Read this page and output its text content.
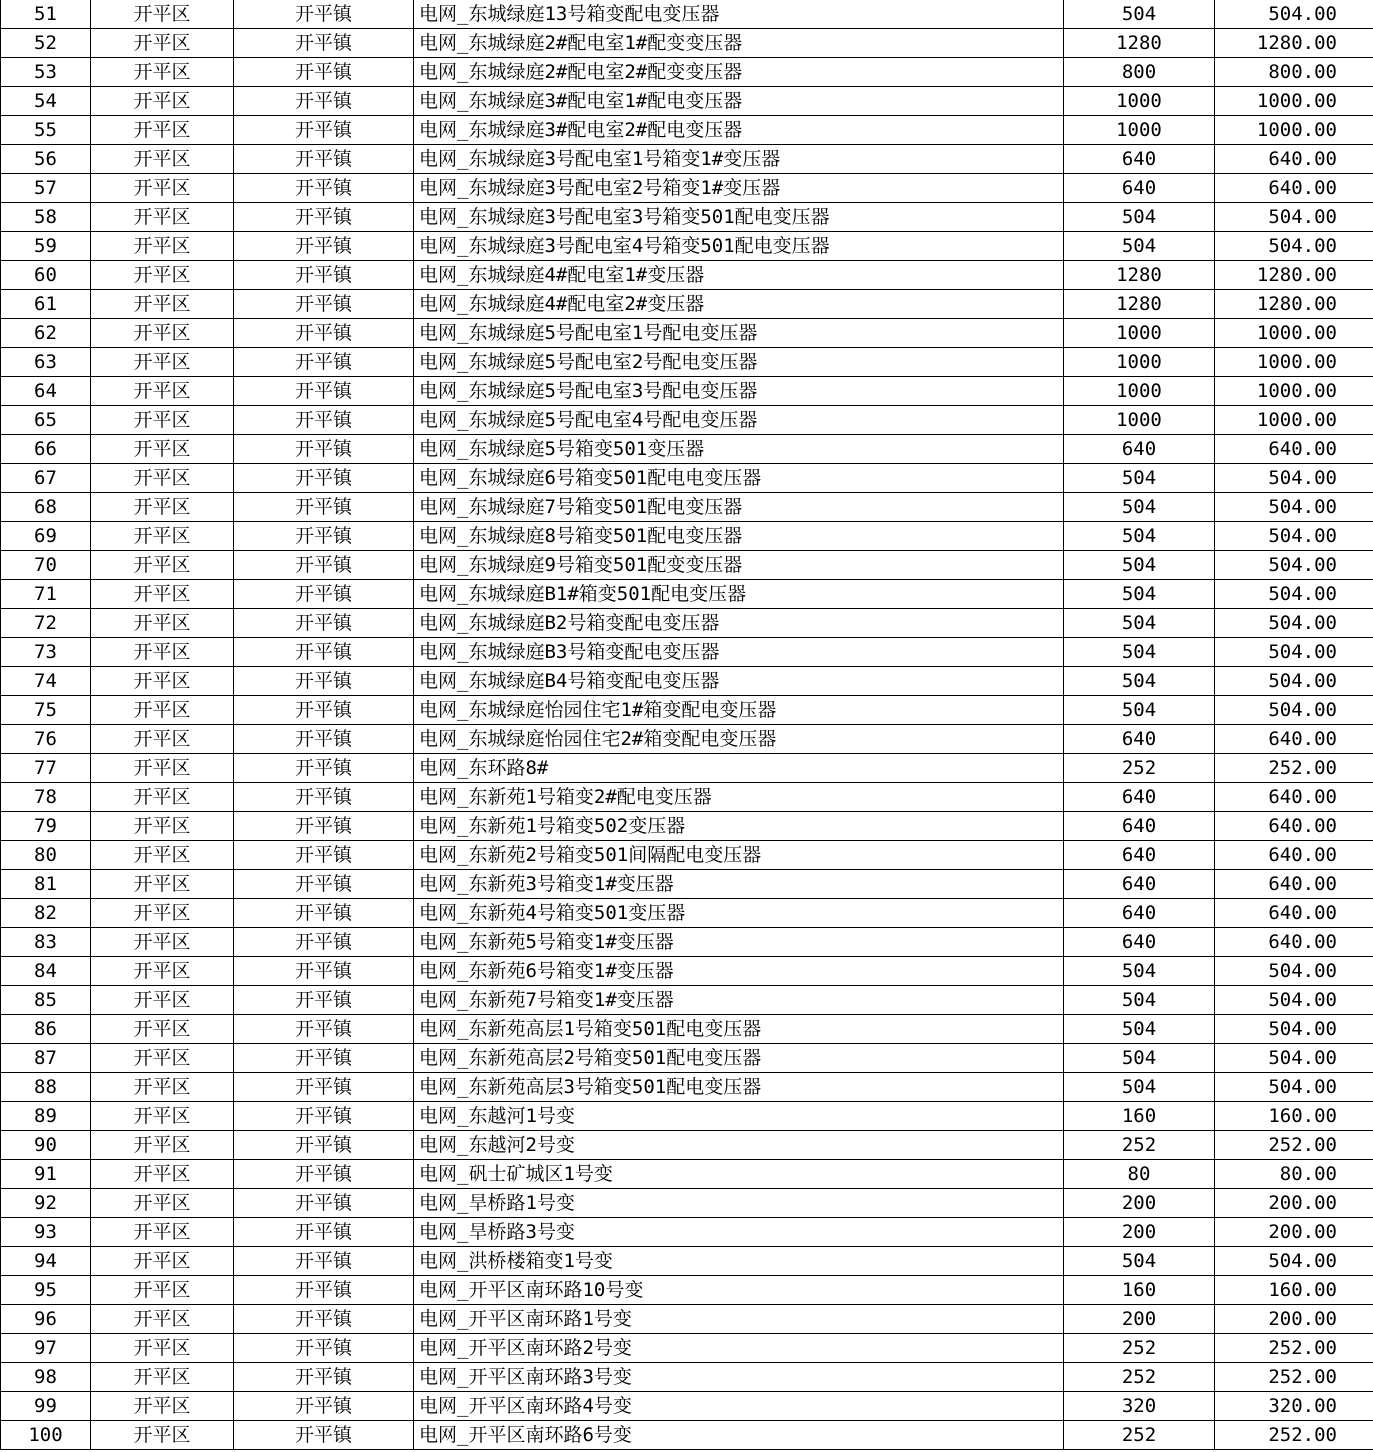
51	开平区	开平镇	电网_东城绿庭13号箱变配电变压器	504	504.00
52	开平区	开平镇	电网_东城绿庭2#配电室1#配变变压器	1280	1280.00
53	开平区	开平镇	电网_东城绿庭2#配电室2#配变变压器	800	800.00
54	开平区	开平镇	电网_东城绿庭3#配电室1#配电变压器	1000	1000.00
55	开平区	开平镇	电网_东城绿庭3#配电室2#配电变压器	1000	1000.00
56	开平区	开平镇	电网_东城绿庭3号配电室1号箱变1#变压器	640	640.00
57	开平区	开平镇	电网_东城绿庭3号配电室2号箱变1#变压器	640	640.00
58	开平区	开平镇	电网_东城绿庭3号配电室3号箱变501配电变压器	504	504.00
59	开平区	开平镇	电网_东城绿庭3号配电室4号箱变501配电变压器	504	504.00
60	开平区	开平镇	电网_东城绿庭4#配电室1#变压器	1280	1280.00
61	开平区	开平镇	电网_东城绿庭4#配电室2#变压器	1280	1280.00
62	开平区	开平镇	电网_东城绿庭5号配电室1号配电变压器	1000	1000.00
63	开平区	开平镇	电网_东城绿庭5号配电室2号配电变压器	1000	1000.00
64	开平区	开平镇	电网_东城绿庭5号配电室3号配电变压器	1000	1000.00
65	开平区	开平镇	电网_东城绿庭5号配电室4号配电变压器	1000	1000.00
66	开平区	开平镇	电网_东城绿庭5号箱变501变压器	640	640.00
67	开平区	开平镇	电网_东城绿庭6号箱变501配电电变压器	504	504.00
68	开平区	开平镇	电网_东城绿庭7号箱变501配电变压器	504	504.00
69	开平区	开平镇	电网_东城绿庭8号箱变501配电变压器	504	504.00
70	开平区	开平镇	电网_东城绿庭9号箱变501配变变压器	504	504.00
71	开平区	开平镇	电网_东城绿庭B1#箱变501配电变压器	504	504.00
72	开平区	开平镇	电网_东城绿庭B2号箱变配电变压器	504	504.00
73	开平区	开平镇	电网_东城绿庭B3号箱变配电变压器	504	504.00
74	开平区	开平镇	电网_东城绿庭B4号箱变配电变压器	504	504.00
75	开平区	开平镇	电网_东城绿庭怡园住宅1#箱变配电变压器	504	504.00
76	开平区	开平镇	电网_东城绿庭怡园住宅2#箱变配电变压器	640	640.00
77	开平区	开平镇	电网_东环路8#	252	252.00
78	开平区	开平镇	电网_东新苑1号箱变2#配电变压器	640	640.00
79	开平区	开平镇	电网_东新苑1号箱变502变压器	640	640.00
80	开平区	开平镇	电网_东新苑2号箱变501间隔配电变压器	640	640.00
81	开平区	开平镇	电网_东新苑3号箱变1#变压器	640	640.00
82	开平区	开平镇	电网_东新苑4号箱变501变压器	640	640.00
83	开平区	开平镇	电网_东新苑5号箱变1#变压器	640	640.00
84	开平区	开平镇	电网_东新苑6号箱变1#变压器	504	504.00
85	开平区	开平镇	电网_东新苑7号箱变1#变压器	504	504.00
86	开平区	开平镇	电网_东新苑高层1号箱变501配电变压器	504	504.00
87	开平区	开平镇	电网_东新苑高层2号箱变501配电变压器	504	504.00
88	开平区	开平镇	电网_东新苑高层3号箱变501配电变压器	504	504.00
89	开平区	开平镇	电网_东越河1号变	160	160.00
90	开平区	开平镇	电网_东越河2号变	252	252.00
91	开平区	开平镇	电网_矾士矿城区1号变	80	80.00
92	开平区	开平镇	电网_旱桥路1号变	200	200.00
93	开平区	开平镇	电网_旱桥路3号变	200	200.00
94	开平区	开平镇	电网_洪桥楼箱变1号变	504	504.00
95	开平区	开平镇	电网_开平区南环路10号变	160	160.00
96	开平区	开平镇	电网_开平区南环路1号变	200	200.00
97	开平区	开平镇	电网_开平区南环路2号变	252	252.00
98	开平区	开平镇	电网_开平区南环路3号变	252	252.00
99	开平区	开平镇	电网_开平区南环路4号变	320	320.00
100	开平区	开平镇	电网_开平区南环路6号变	252	252.00
